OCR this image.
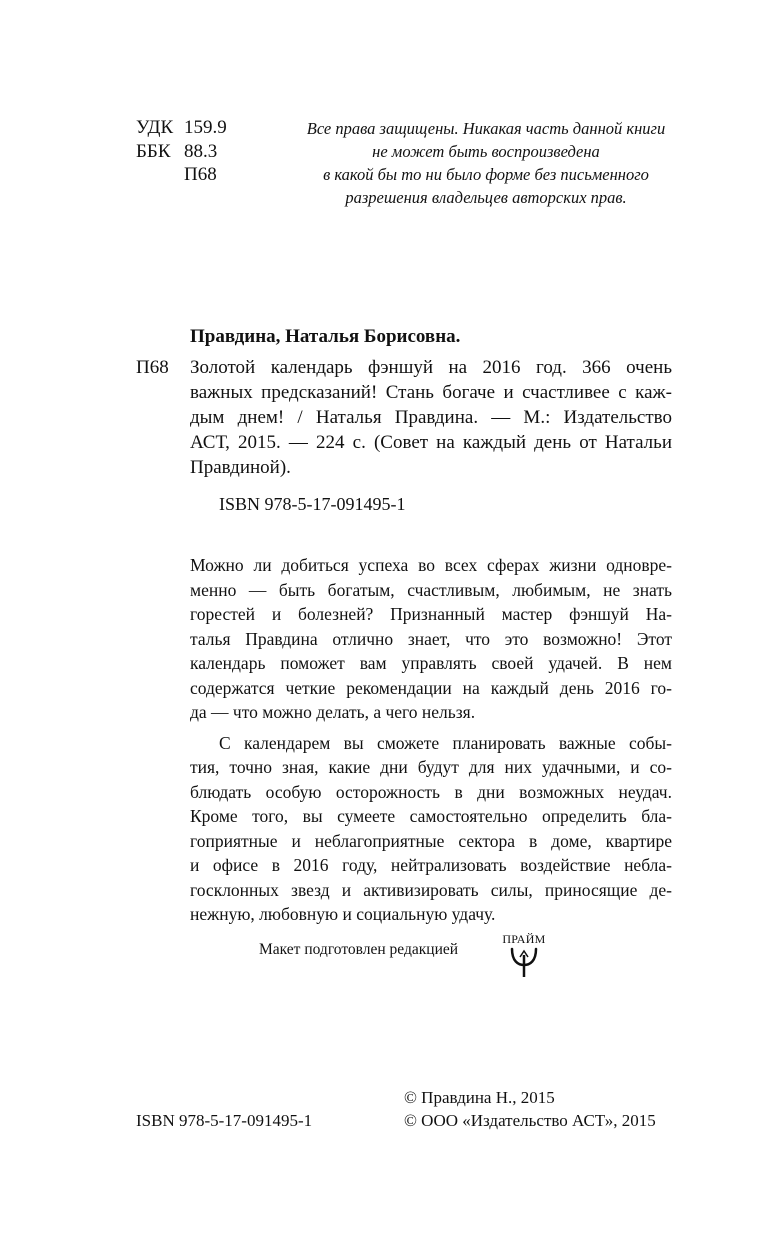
УДК 159.9
ББК 88.3
П68
Все права защищены. Никакая часть данной книги
не может быть воспроизведена
в какой бы то ни было форме без письменного
разрешения владельцев авторских прав.
Правдина, Наталья Борисовна.
П68 Золотой календарь фэншуй на 2016 год. 366 очень
важных предсказаний! Стань богаче и счастливее с каж-
дым днем! / Наталья Правдина. — М.: Издательство
АСТ, 2015. — 224 с. (Совет на каждый день от Натальи
Правдиной).
ISBN 978-5-17-091495-1
Можно ли добиться успеха во всех сферах жизни одновре-
менно — быть богатым, счастливым, любимым, не знать
горестей и болезней? Признанный мастер фэншуй На-
талья Правдина отлично знает, что это возможно! Этот
календарь поможет вам управлять своей удачей. В нем
содержатся четкие рекомендации на каждый день 2016 го-
да — что можно делать, а чего нельзя.
С календарем вы сможете планировать важные собы-
тия, точно зная, какие дни будут для них удачными, и со-
блюдать особую осторожность в дни возможных неудач.
Кроме того, вы сумеете самостоятельно определить бла-
гоприятные и неблагоприятные сектора в доме, квартире
и офисе в 2016 году, нейтрализовать воздействие небла-
госклонных звезд и активизировать силы, приносящие де-
нежную, любовную и социальную удачу.
Макет подготовлен редакцией
ПРАЙМ
© Правдина Н., 2015
© ООО «Издательство АСТ», 2015
ISBN 978-5-17-091495-1
